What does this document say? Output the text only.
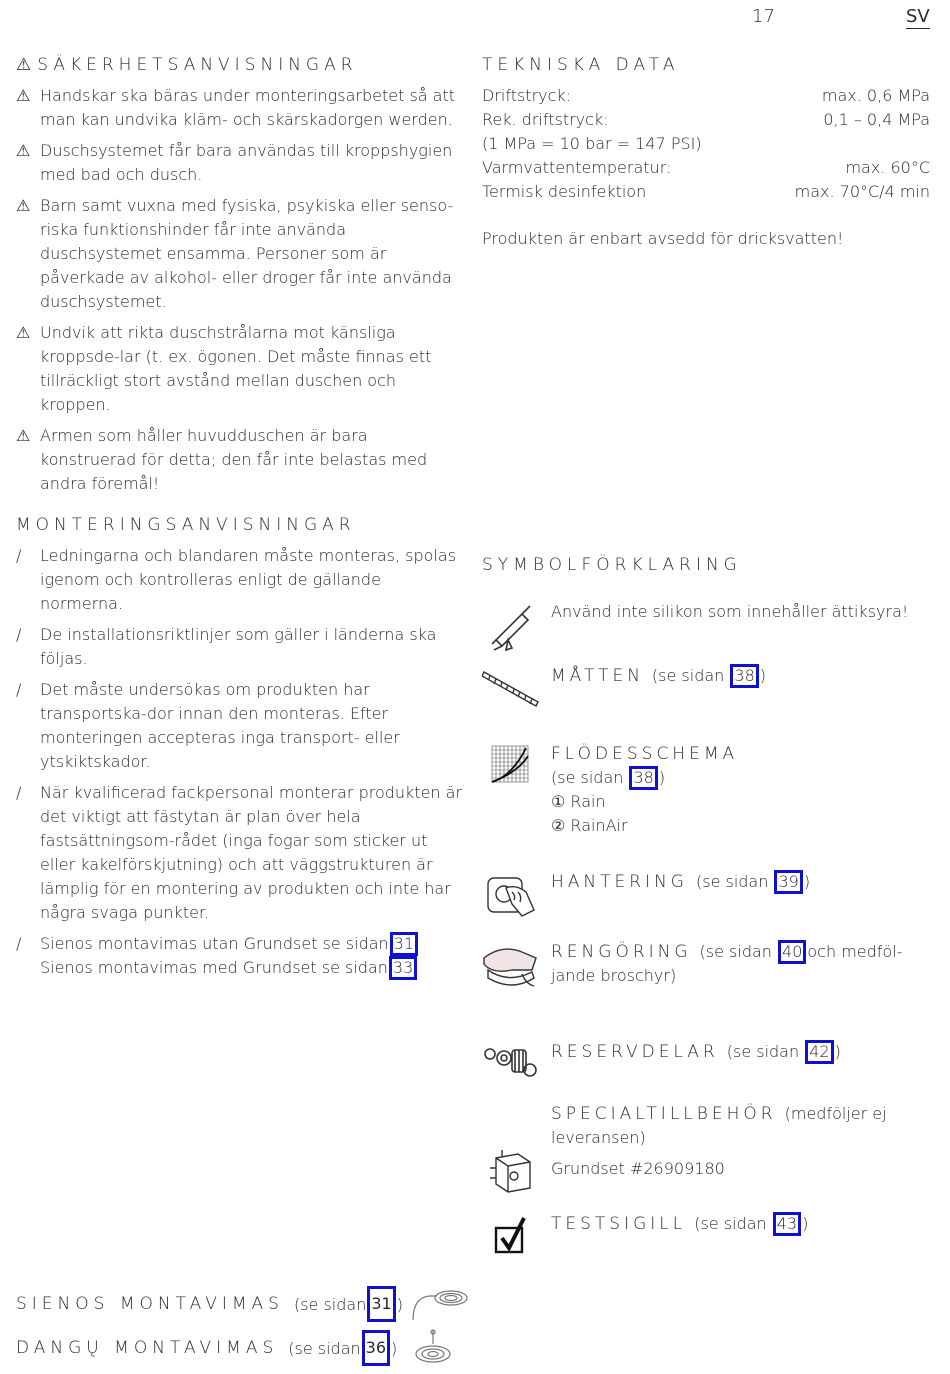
17	SV
⚠ SÄKERHETSANVISNINGAR
⚠ Handskar ska bäras under monteringsarbetet så att man kan undvika kläm- och skärskadorgen werden.
⚠ Duschsystemet får bara användas till kroppshygien med bad och dusch.
⚠ Barn samt vuxna med fysiska, psykiska eller senso-riska funktionshinder får inte använda duschsystemet ensamma. Personer som är påverkade av alkohol- eller droger får inte använda duschsystemet.
⚠ Undvik att rikta duschstrålarna mot känsliga kroppsde-lar (t. ex. ögonen. Det måste finnas ett tillräckligt stort avstånd mellan duschen och kroppen.
⚠ Armen som håller huvudduschen är bara konstruerad för detta; den får inte belastas med andra föremål!
MONTERINGSANVISNINGAR
/ Ledningarna och blandaren måste monteras, spolas igenom och kontrolleras enligt de gällande normerna.
/ De installationsriktlinjer som gäller i länderna ska följas.
/ Det måste undersökas om produkten har transportska-dor innan den monteras. Efter monteringen accepteras inga transport- eller ytskiktskador.
/ När kvalificerad fackpersonal monterar produkten är det viktigt att fästytan är plan över hela fastsättningsom-rådet (inga fogar som sticker ut eller kakelförskjutning) och att väggstrukturen är lämplig för en montering av produkten och inte har några svaga punkter.
/ Sienos montavimas utan Grundset se sidan 31 Sienos montavimas med Grundset se sidan 33
TEKNISKA DATA
Driftstryck:	max. 0,6 MPa
Rek. driftstryck:	0,1 – 0,4 MPa
(1 MPa = 10 bar = 147 PSI)
Varmvattentemperatur:	max. 60°C
Termisk desinfektion	max. 70°C/4 min
Produkten är enbart avsedd för dricksvatten!
SYMBOLFÖRKLARING
Använd inte silikon som innehåller ättiksyra!
MÅTTEN (se sidan 38 )
FLÖDESSCHEMA
(se sidan 38 )
① Rain
② RainAir
HANTERING (se sidan 39 )
RENGÖRING (se sidan 40 och medföl-jande broschyr)
RESERVDELAR (se sidan 42 )
SPECIALTILLBEHÖR (medföljer ej leveransen)
Grundset #26909180
TESTSIGILL (se sidan 43 )
SIENOS MONTAVIMAS (se sidan 31 )
DANGŲ MONTAVIMAS (se sidan 36 )
